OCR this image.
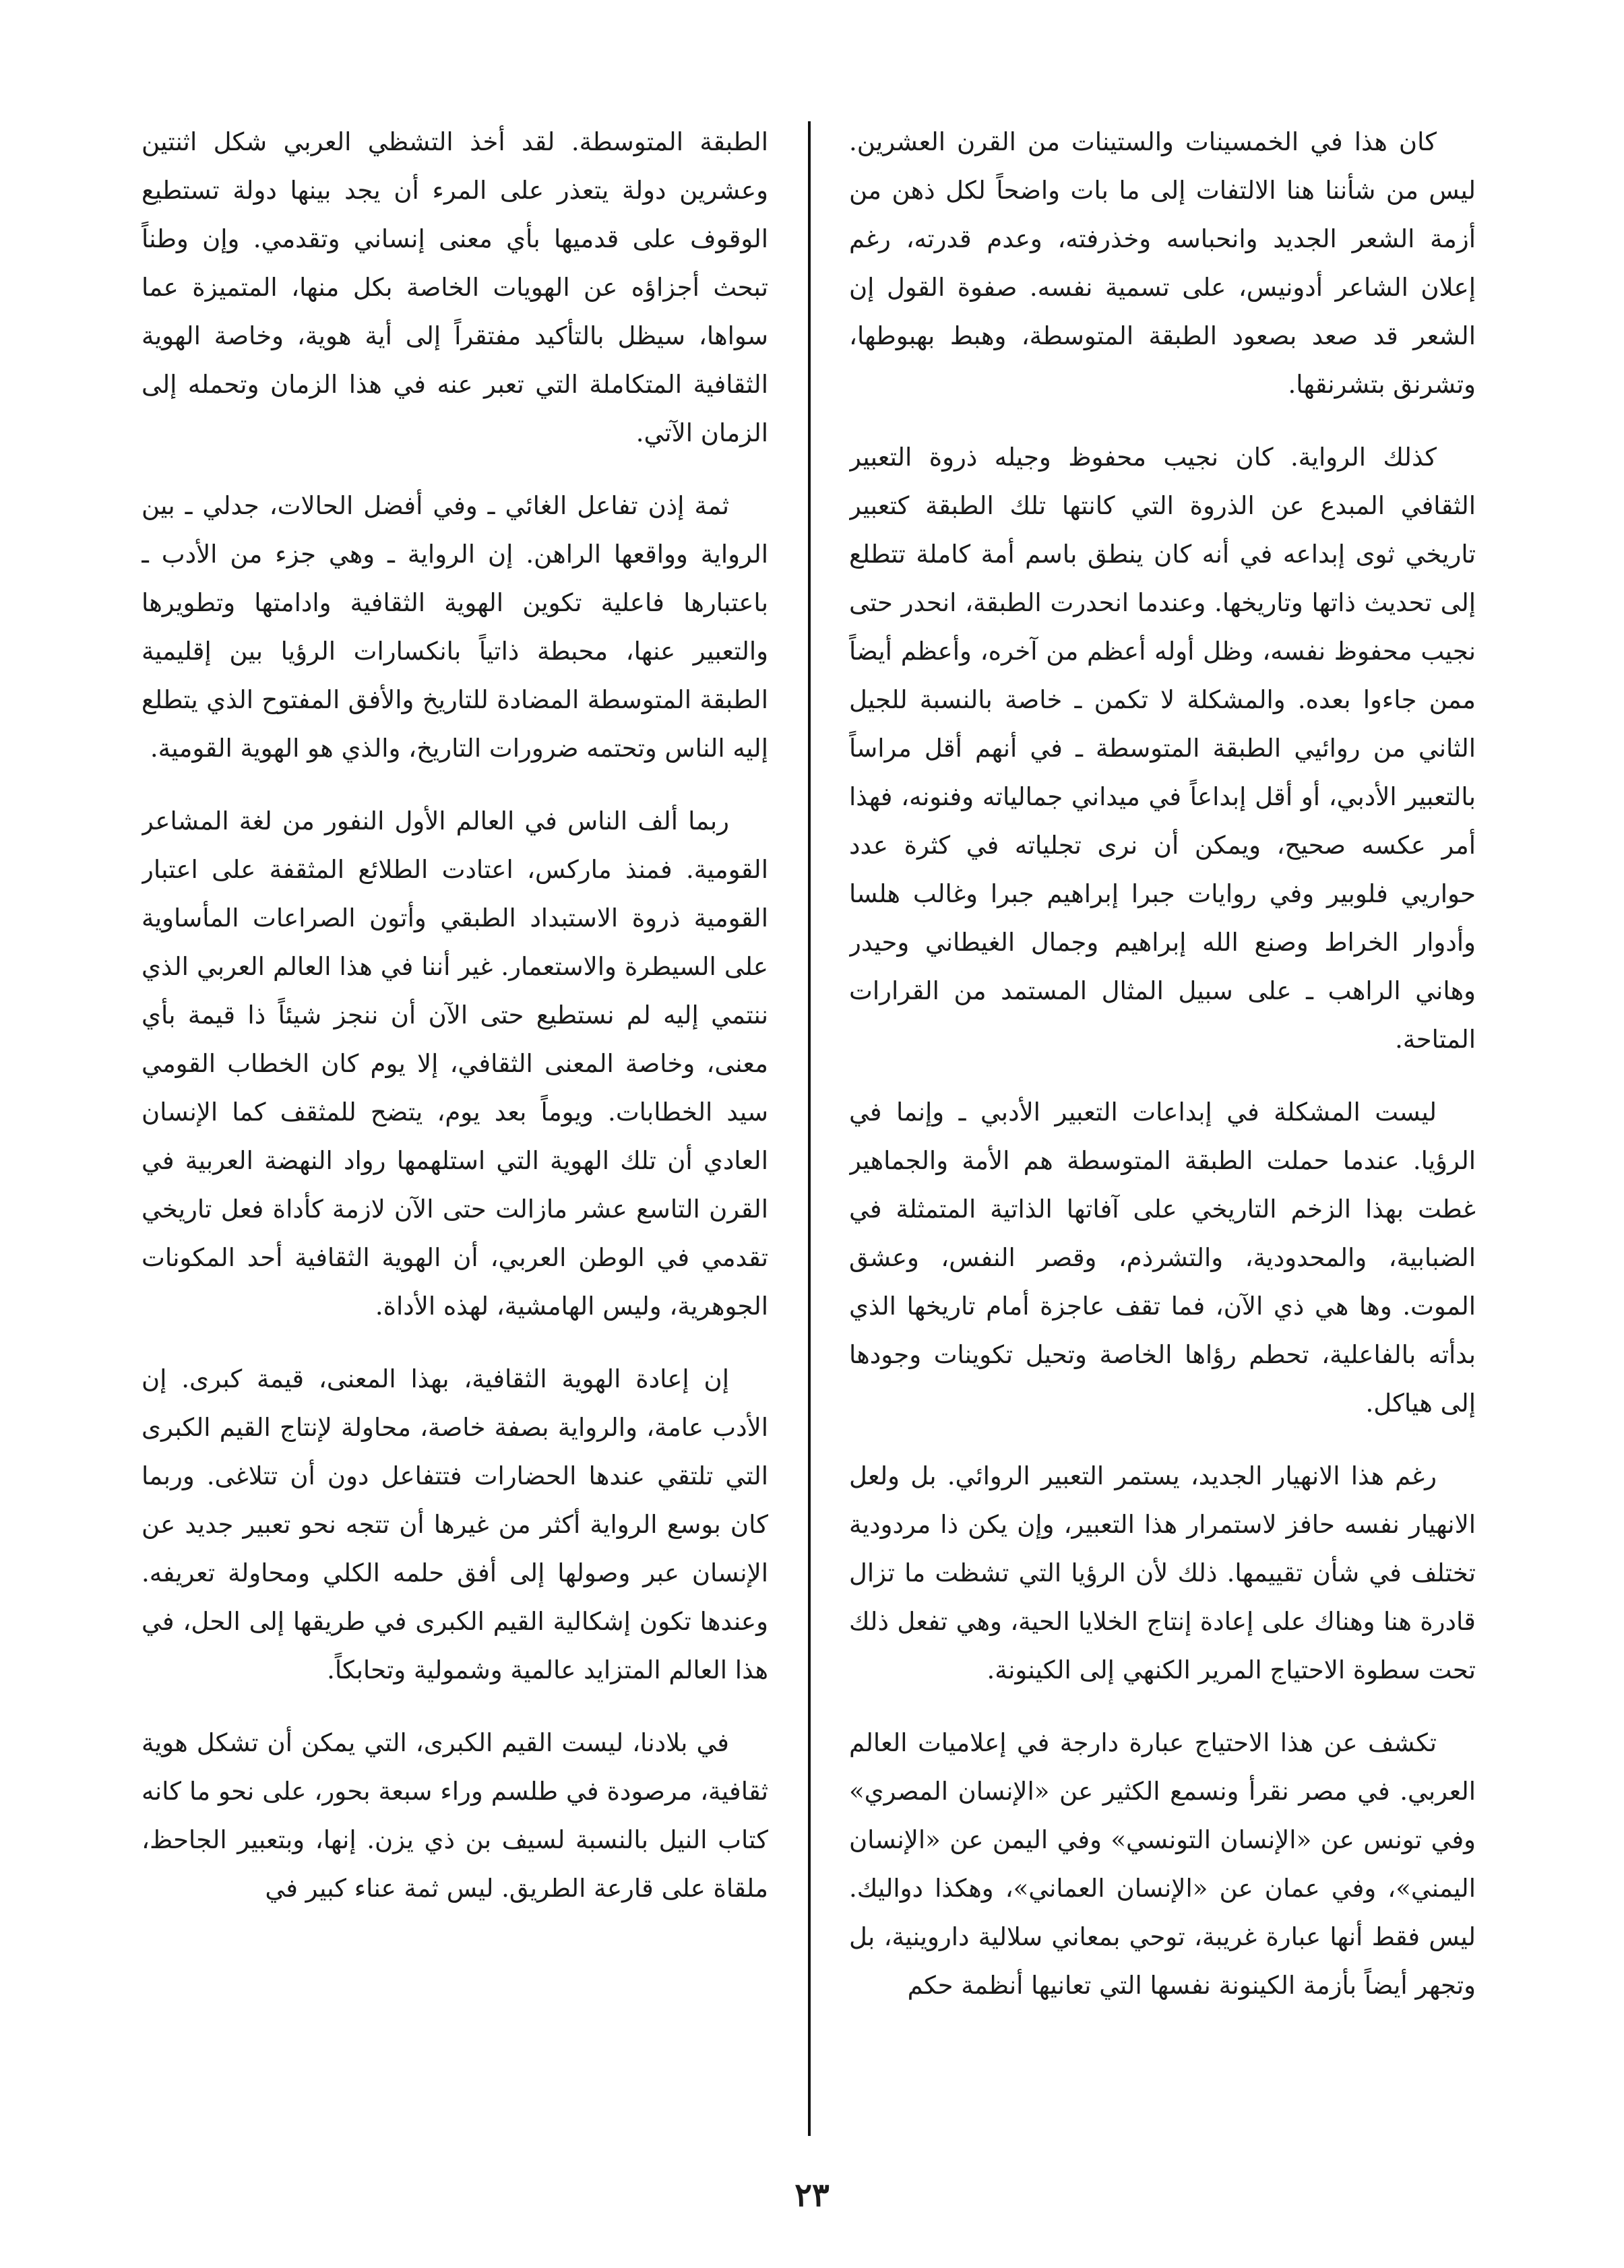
كان هذا في الخمسينات والستينات من القرن العشرين. ليس من شأننا هنا الالتفات إلى ما بات واضحاً لكل ذهن من أزمة الشعر الجديد وانحباسه وخذرفته، وعدم قدرته، رغم إعلان الشاعر أدونيس، على تسمية نفسه. صفوة القول إن الشعر قد صعد بصعود الطبقة المتوسطة، وهبط بهبوطها، وتشرنق بتشرنقها.

كذلك الرواية. كان نجيب محفوظ وجيله ذروة التعبير الثقافي المبدع عن الذروة التي كانتها تلك الطبقة كتعبير تاريخي ثوى إبداعه في أنه كان ينطق باسم أمة كاملة تتطلع إلى تحديث ذاتها وتاريخها. وعندما انحدرت الطبقة، انحدر حتى نجيب محفوظ نفسه، وظل أوله أعظم من آخره، وأعظم أيضاً ممن جاءوا بعده. والمشكلة لا تكمن ـ خاصة بالنسبة للجيل الثاني من روائيي الطبقة المتوسطة ـ في أنهم أقل مراساً بالتعبير الأدبي، أو أقل إبداعاً في ميداني جمالياته وفنونه، فهذا أمر عكسه صحيح، ويمكن أن نرى تجلياته في كثرة عدد حواريي فلوبير وفي روايات جبرا إبراهيم جبرا وغالب هلسا وأدوار الخراط وصنع الله إبراهيم وجمال الغيطاني وحيدر وهاني الراهب ـ على سبيل المثال المستمد من القرارات المتاحة.

ليست المشكلة في إبداعات التعبير الأدبي ـ وإنما في الرؤيا. عندما حملت الطبقة المتوسطة هم الأمة والجماهير غطت بهذا الزخم التاريخي على آفاتها الذاتية المتمثلة في الضبابية، والمحدودية، والتشرذم، وقصر النفس، وعشق الموت. وها هي ذي الآن، فما تقف عاجزة أمام تاريخها الذي بدأته بالفاعلية، تحطم رؤاها الخاصة وتحيل تكوينات وجودها إلى هياكل.

رغم هذا الانهيار الجديد، يستمر التعبير الروائي. بل ولعل الانهيار نفسه حافز لاستمرار هذا التعبير، وإن يكن ذا مردودية تختلف في شأن تقييمها. ذلك لأن الرؤيا التي تشظت ما تزال قادرة هنا وهناك على إعادة إنتاج الخلايا الحية، وهي تفعل ذلك تحت سطوة الاحتياج المرير الكنهي إلى الكينونة.

تكشف عن هذا الاحتياج عبارة دارجة في إعلاميات العالم العربي. في مصر نقرأ ونسمع الكثير عن «الإنسان المصري» وفي تونس عن «الإنسان التونسي» وفي اليمن عن «الإنسان اليمني»، وفي عمان عن «الإنسان العماني»، وهكذا دواليك. ليس فقط أنها عبارة غريبة، توحي بمعاني سلالية داروينية، بل وتجهر أيضاً بأزمة الكينونة نفسها التي تعانيها أنظمة حكم

الطبقة المتوسطة. لقد أخذ التشظي العربي شكل اثنتين وعشرين دولة يتعذر على المرء أن يجد بينها دولة تستطيع الوقوف على قدميها بأي معنى إنساني وتقدمي. وإن وطناً تبحث أجزاؤه عن الهويات الخاصة بكل منها، المتميزة عما سواها، سيظل بالتأكيد مفتقراً إلى أية هوية، وخاصة الهوية الثقافية المتكاملة التي تعبر عنه في هذا الزمان وتحمله إلى الزمان الآتي.

ثمة إذن تفاعل الغائي ـ وفي أفضل الحالات، جدلي ـ بين الرواية وواقعها الراهن. إن الرواية ـ وهي جزء من الأدب ـ باعتبارها فاعلية تكوين الهوية الثقافية وادامتها وتطويرها والتعبير عنها، محبطة ذاتياً بانكسارات الرؤيا بين إقليمية الطبقة المتوسطة المضادة للتاريخ والأفق المفتوح الذي يتطلع إليه الناس وتحتمه ضرورات التاريخ، والذي هو الهوية القومية.

ربما ألف الناس في العالم الأول النفور من لغة المشاعر القومية. فمنذ ماركس، اعتادت الطلائع المثقفة على اعتبار القومية ذروة الاستبداد الطبقي وأتون الصراعات المأساوية على السيطرة والاستعمار. غير أننا في هذا العالم العربي الذي ننتمي إليه لم نستطيع حتى الآن أن ننجز شيئاً ذا قيمة بأي معنى، وخاصة المعنى الثقافي، إلا يوم كان الخطاب القومي سيد الخطابات. ويوماً بعد يوم، يتضح للمثقف كما الإنسان العادي أن تلك الهوية التي استلهمها رواد النهضة العربية في القرن التاسع عشر مازالت حتى الآن لازمة كأداة فعل تاريخي تقدمي في الوطن العربي، أن الهوية الثقافية أحد المكونات الجوهرية، وليس الهامشية، لهذه الأداة.

إن إعادة الهوية الثقافية، بهذا المعنى، قيمة كبرى. إن الأدب عامة، والرواية بصفة خاصة، محاولة لإنتاج القيم الكبرى التي تلتقي عندها الحضارات فتتفاعل دون أن تتلاغى. وربما كان بوسع الرواية أكثر من غيرها أن تتجه نحو تعبير جديد عن الإنسان عبر وصولها إلى أفق حلمه الكلي ومحاولة تعريفه. وعندها تكون إشكالية القيم الكبرى في طريقها إلى الحل، في هذا العالم المتزايد عالمية وشمولية وتحابكاً.

في بلادنا، ليست القيم الكبرى، التي يمكن أن تشكل هوية ثقافية، مرصودة في طلسم وراء سبعة بحور، على نحو ما كانه كتاب النيل بالنسبة لسيف بن ذي يزن. إنها، وبتعبير الجاحظ، ملقاة على قارعة الطريق. ليس ثمة عناء كبير في

٢٣
